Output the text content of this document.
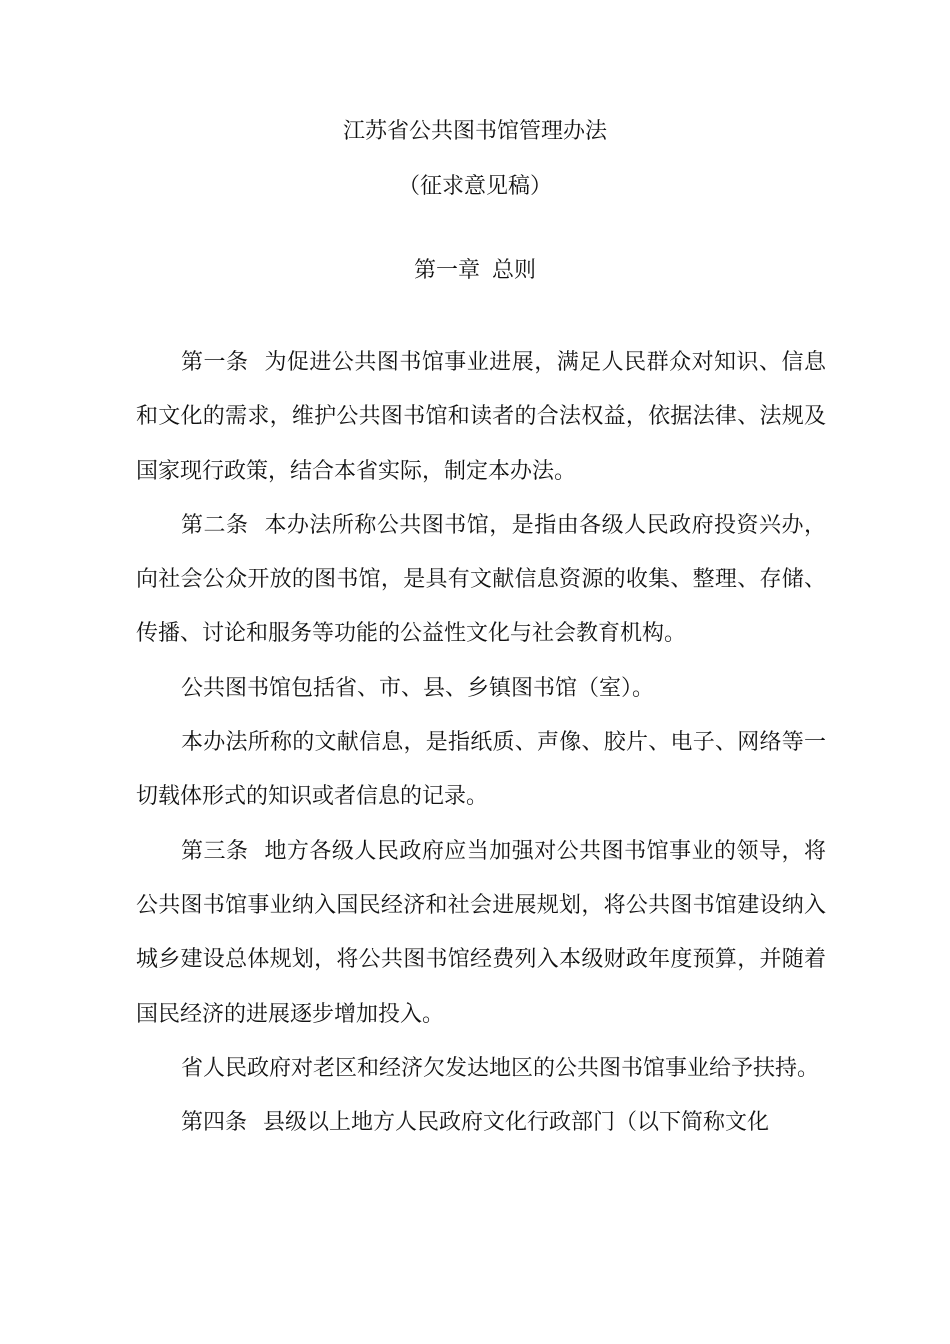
江苏省公共图书馆管理办法
（征求意见稿）
第一章 总则

第一条 为促进公共图书馆事业进展，满足人民群众对知识、信息和文化的需求，维护公共图书馆和读者的合法权益，依据法律、法规及国家现行政策，结合本省实际，制定本办法。

第二条 本办法所称公共图书馆，是指由各级人民政府投资兴办，向社会公众开放的图书馆，是具有文献信息资源的收集、整理、存储、传播、讨论和服务等功能的公益性文化与社会教育机构。

公共图书馆包括省、市、县、乡镇图书馆（室）。

本办法所称的文献信息，是指纸质、声像、胶片、电子、网络等一切载体形式的知识或者信息的记录。

第三条 地方各级人民政府应当加强对公共图书馆事业的领导，将公共图书馆事业纳入国民经济和社会进展规划，将公共图书馆建设纳入城乡建设总体规划，将公共图书馆经费列入本级财政年度预算，并随着国民经济的进展逐步增加投入。

省人民政府对老区和经济欠发达地区的公共图书馆事业给予扶持。

第四条 县级以上地方人民政府文化行政部门（以下简称文化
